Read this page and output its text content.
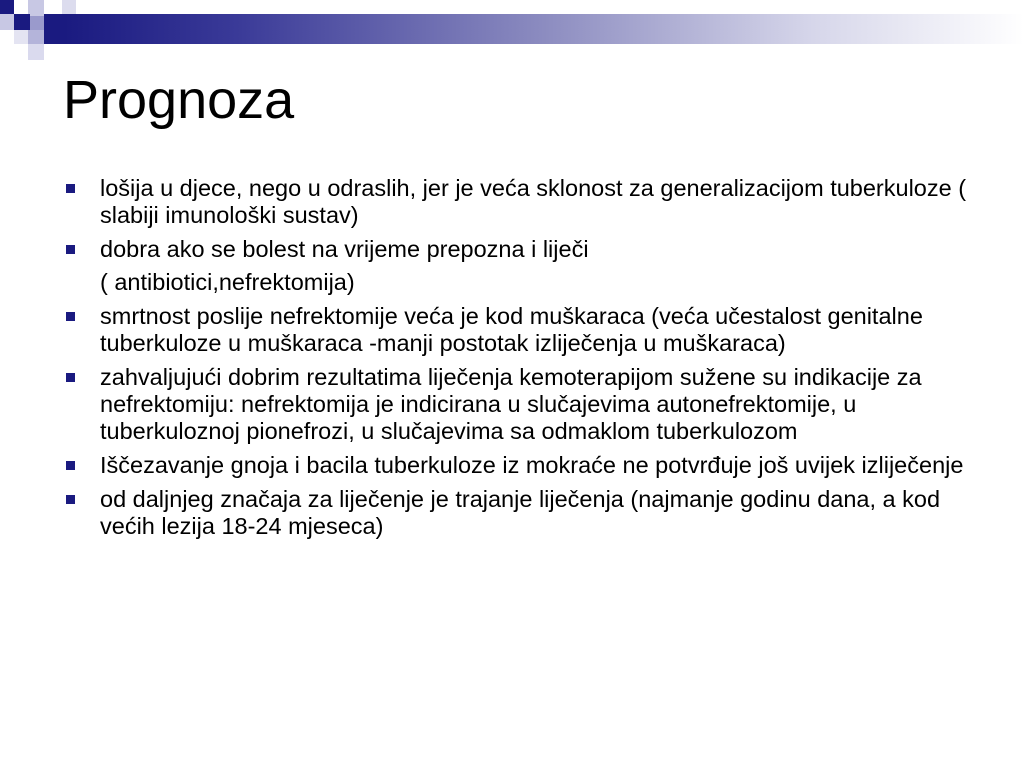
Prognoza
lošija u djece, nego u odraslih, jer je veća sklonost za generalizacijom tuberkuloze ( slabiji imunološki sustav)
dobra ako se bolest na vrijeme prepozna i liječi
( antibiotici,nefrektomija)
smrtnost poslije nefrektomije veća je kod muškaraca (veća učestalost genitalne tuberkuloze u muškaraca -manji postotak izliječenja u muškaraca)
zahvaljujući dobrim rezultatima liječenja kemoterapijom sužene su indikacije za nefrektomiju: nefrektomija je indicirana u slučajevima autonefrektomije, u tuberkuloznoj pionefrozi, u slučajevima sa odmaklom tuberkulozom
Iščezavanje gnoja i bacila tuberkuloze iz mokraće ne potvrđuje još uvijek izliječenje
od daljnjeg značaja za liječenje je trajanje liječenja (najmanje godinu dana, a kod većih lezija 18-24 mjeseca)
